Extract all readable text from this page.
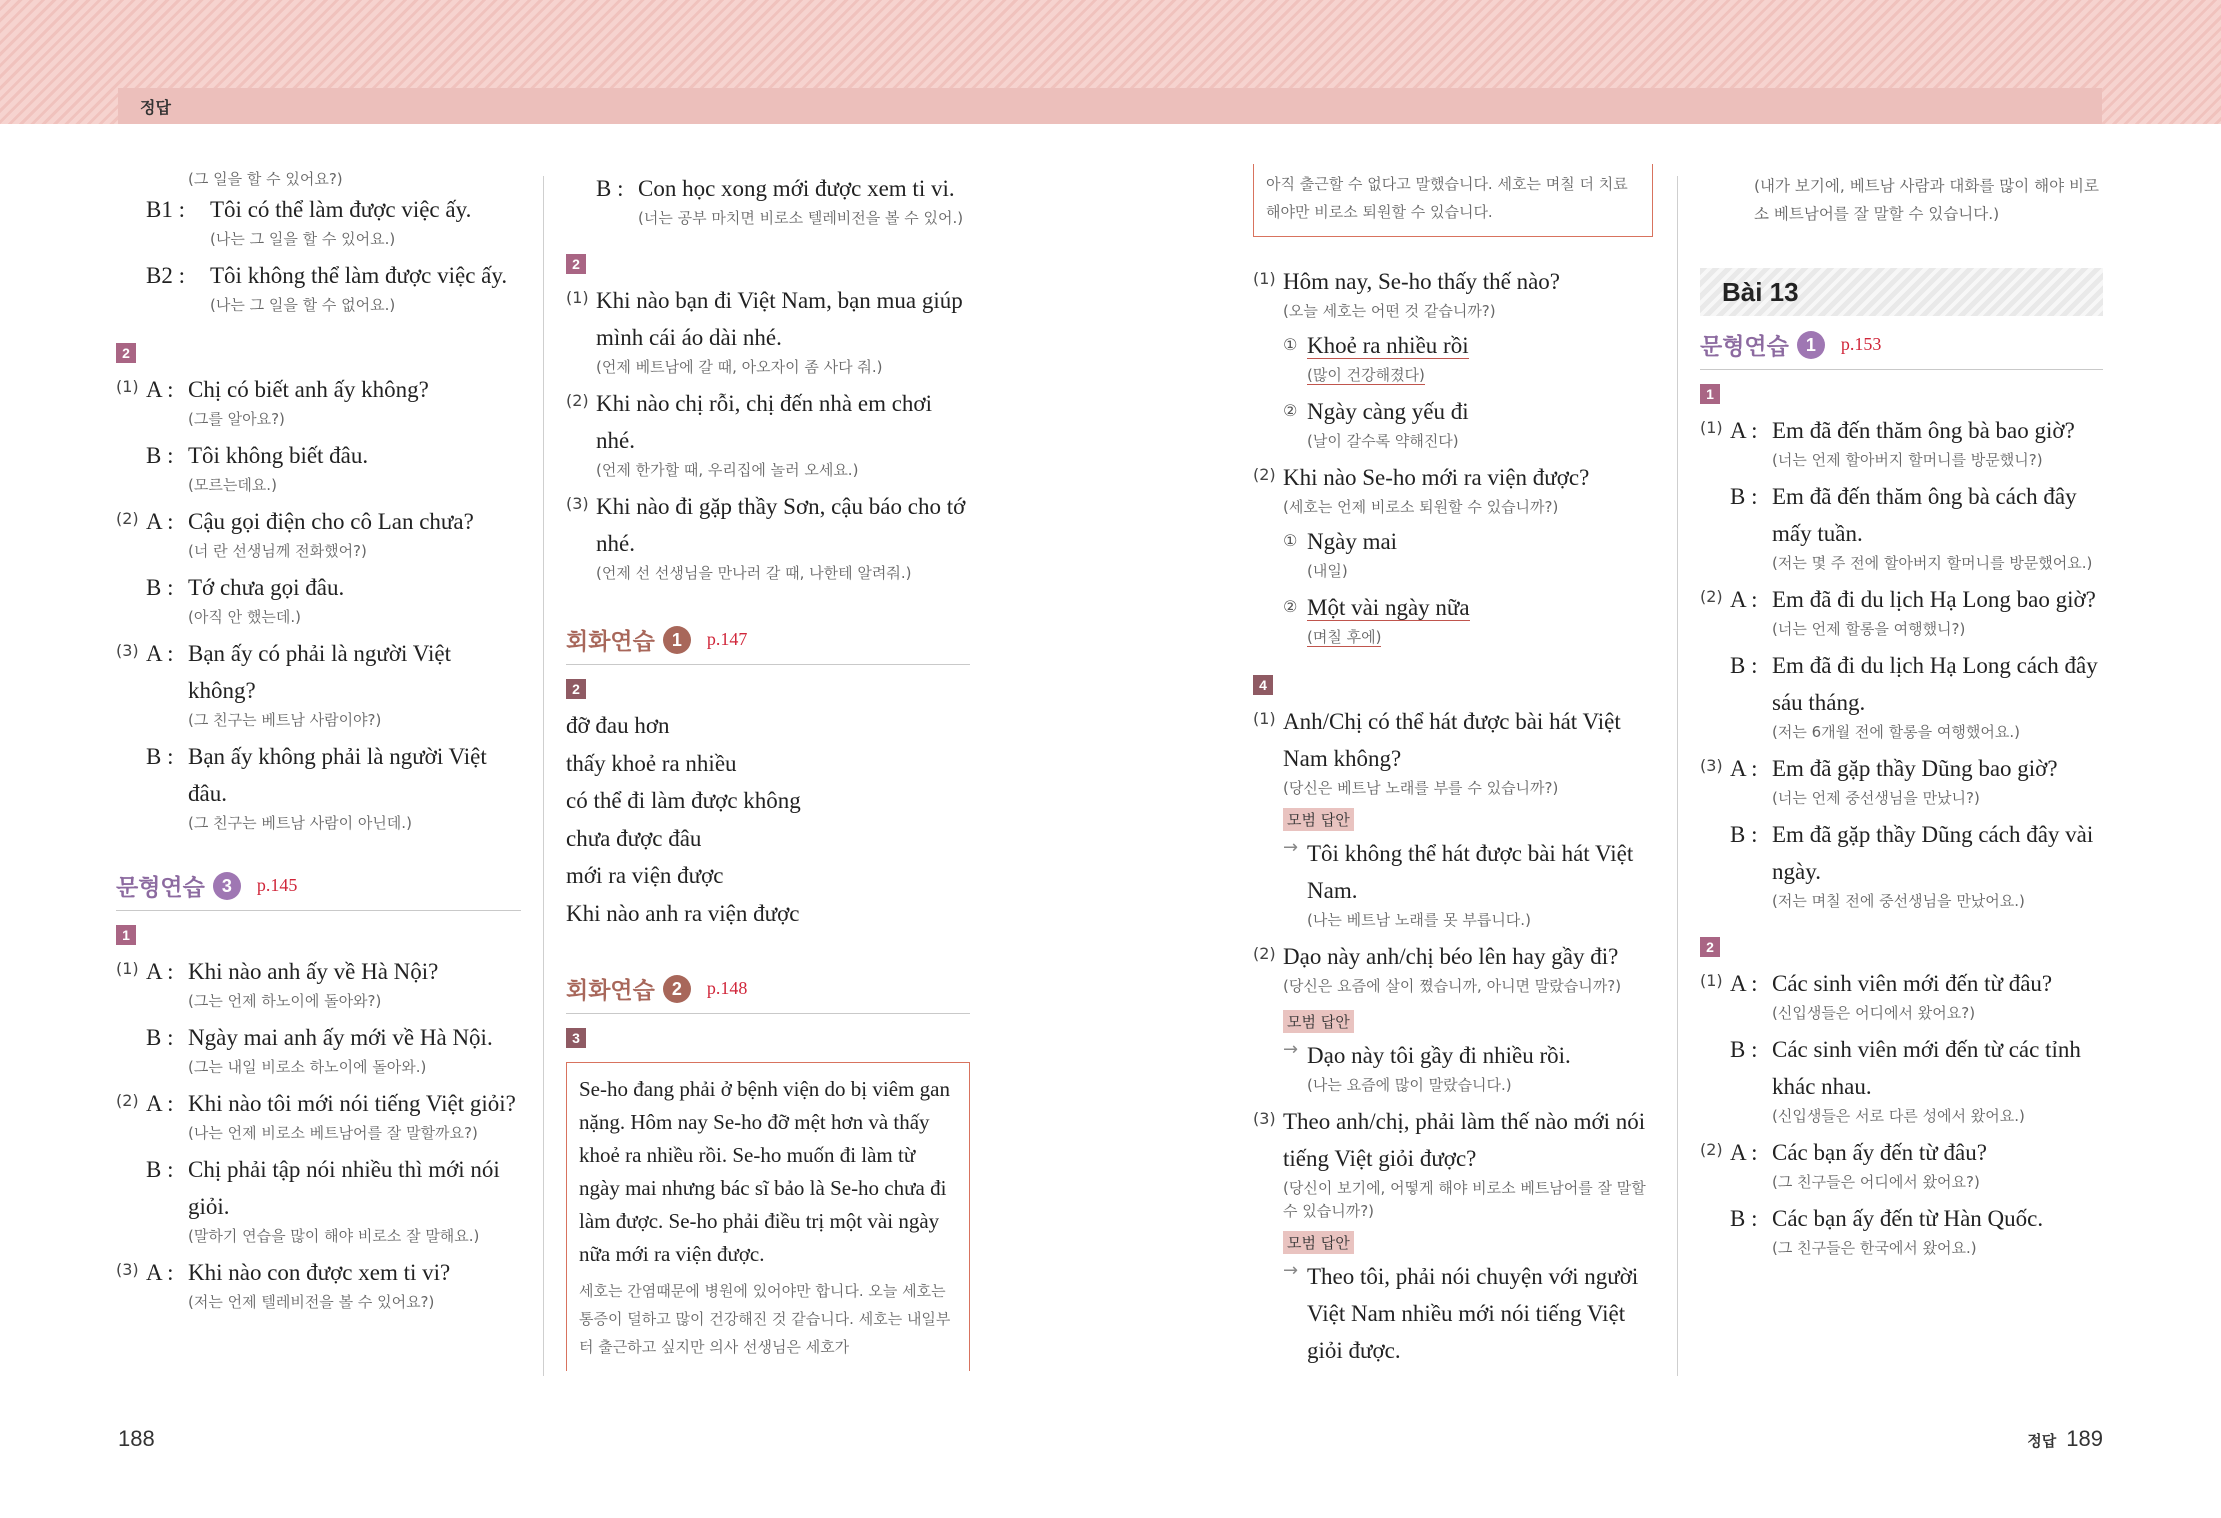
정답
(그 일을 할 수 있어요?)
B1 : Tôi có thể làm được việc ấy.
(나는 그 일을 할 수 있어요.)
B2 : Tôi không thể làm được việc ấy.
(나는 그 일을 할 수 없어요.)
2
(1) A : Chị có biết anh ấy không?
(그를 알아요?)
B : Tôi không biết đâu.
(모르는데요.)
(2) A : Cậu gọi điện cho cô Lan chưa?
(너 란 선생님께 전화했어?)
B : Tớ chưa gọi đâu.
(아직 안 했는데.)
(3) A : Bạn ấy có phải là người Việt không?
(그 친구는 베트남 사람이야?)
B : Bạn ấy không phải là người Việt đâu.
(그 친구는 베트남 사람이 아닌데.)
문형연습 3	p.145
1
(1) A : Khi nào anh ấy về Hà Nội?
(그는 언제 하노이에 돌아와?)
B : Ngày mai anh ấy mới về Hà Nội.
(그는 내일 비로소 하노이에 돌아와.)
(2) A : Khi nào tôi mới nói tiếng Việt giỏi?
(나는 언제 비로소 베트남어를 잘 말할까요?)
B : Chị phải tập nói nhiều thì mới nói giỏi.
(말하기 연습을 많이 해야 비로소 잘 말해요.)
(3) A : Khi nào con được xem ti vi?
(저는 언제 텔레비전을 볼 수 있어요?)
B : Con học xong mới được xem ti vi.
(너는 공부 마치면 비로소 텔레비전을 볼 수 있어.)
2
(1) Khi nào bạn đi Việt Nam, bạn mua giúp mình cái áo dài nhé.
(언제 베트남에 갈 때, 아오자이 좀 사다 줘.)
(2) Khi nào chị rỗi, chị đến nhà em chơi nhé.
(언제 한가할 때, 우리집에 놀러 오세요.)
(3) Khi nào đi gặp thầy Sơn, cậu báo cho tớ nhé.
(언제 선 선생님을 만나러 갈 때, 나한테 알려줘.)
회화연습 1	p.147
2
đỡ đau hơn
thấy khoẻ ra nhiều
có thể đi làm được không
chưa được đâu
mới ra viện được
Khi nào anh ra viện được
회화연습 2	p.148
3
Se-ho đang phải ở bệnh viện do bị viêm gan nặng. Hôm nay Se-ho đỡ mệt hơn và thấy khoẻ ra nhiều rồi. Se-ho muốn đi làm từ ngày mai nhưng bác sĩ bảo là Se-ho chưa đi làm được. Se-ho phải điều trị một vài ngày nữa mới ra viện được.
세호는 간염때문에 병원에 있어야만 합니다. 오늘 세호는 통증이 덜하고 많이 건강해진 것 같습니다. 세호는 내일부터 출근하고 싶지만 의사 선생님은 세호가
아직 출근할 수 없다고 말했습니다. 세호는 며칠 더 치료해야만 비로소 퇴원할 수 있습니다.
(1) Hôm nay, Se-ho thấy thế nào?
(오늘 세호는 어떤 것 같습니까?)
① Khoẻ ra nhiều rồi
(많이 건강해졌다)
② Ngày càng yếu đi
(날이 갈수록 약해진다)
(2) Khi nào Se-ho mới ra viện được?
(세호는 언제 비로소 퇴원할 수 있습니까?)
① Ngày mai
(내일)
② Một vài ngày nữa
(며칠 후에)
4
(1) Anh/Chị có thể hát được bài hát Việt Nam không?
(당신은 베트남 노래를 부를 수 있습니까?)
모범 답안
→ Tôi không thể hát được bài hát Việt Nam.
(나는 베트남 노래를 못 부릅니다.)
(2) Dạo này anh/chị béo lên hay gầy đi?
(당신은 요즘에 살이 쪘습니까, 아니면 말랐습니까?)
모범 답안
→ Dạo này tôi gầy đi nhiều rồi.
(나는 요즘에 많이 말랐습니다.)
(3) Theo anh/chị, phải làm thế nào mới nói tiếng Việt giỏi được?
(당신이 보기에, 어떻게 해야 비로소 베트남어를 잘 말할 수 있습니까?)
모범 답안
→ Theo tôi, phải nói chuyện với người Việt Nam nhiều mới nói tiếng Việt giỏi được.
(내가 보기에, 베트남 사람과 대화를 많이 해야 비로소 베트남어를 잘 말할 수 있습니다.)
Bài 13
문형연습 1	p.153
1
(1) A : Em đã đến thăm ông bà bao giờ?
(너는 언제 할아버지 할머니를 방문했니?)
B : Em đã đến thăm ông bà cách đây mấy tuần.
(저는 몇 주 전에 할아버지 할머니를 방문했어요.)
(2) A : Em đã đi du lịch Hạ Long bao giờ?
(너는 언제 할롱을 여행했니?)
B : Em đã đi du lịch Hạ Long cách đây sáu tháng.
(저는 6개월 전에 할롱을 여행했어요.)
(3) A : Em đã gặp thầy Dũng bao giờ?
(너는 언제 중선생님을 만났니?)
B : Em đã gặp thầy Dũng cách đây vài ngày.
(저는 며칠 전에 중선생님을 만났어요.)
2
(1) A : Các sinh viên mới đến từ đâu?
(신입생들은 어디에서 왔어요?)
B : Các sinh viên mới đến từ các tỉnh khác nhau.
(신입생들은 서로 다른 성에서 왔어요.)
(2) A : Các bạn ấy đến từ đâu?
(그 친구들은 어디에서 왔어요?)
B : Các bạn ấy đến từ Hàn Quốc.
(그 친구들은 한국에서 왔어요.)
188	정답 189
